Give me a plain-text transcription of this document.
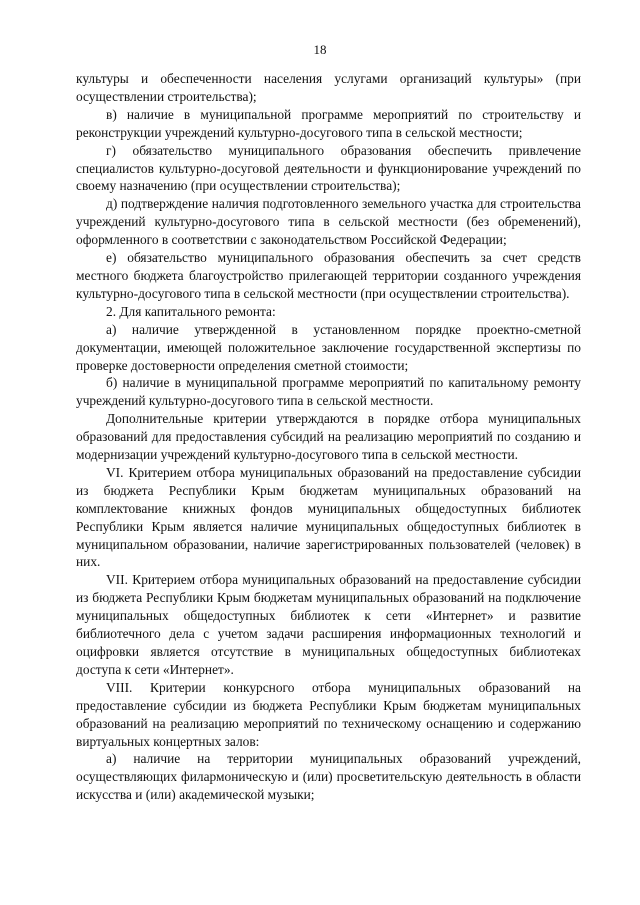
18

культуры и обеспеченности населения услугами организаций культуры» (при осуществлении строительства);

в) наличие в муниципальной программе мероприятий по строительству и реконструкции учреждений культурно-досугового типа в сельской местности;

г) обязательство муниципального образования обеспечить привлечение специалистов культурно-досуговой деятельности и функционирование учреждений по своему назначению (при осуществлении строительства);

д) подтверждение наличия подготовленного земельного участка для строительства учреждений культурно-досугового типа в сельской местности (без обременений), оформленного в соответствии с законодательством Российской Федерации;

е) обязательство муниципального образования обеспечить за счет средств местного бюджета благоустройство прилегающей территории созданного учреждения культурно-досугового типа в сельской местности (при осуществлении строительства).

2. Для капитального ремонта:

а) наличие утвержденной в установленном порядке проектно-сметной документации, имеющей положительное заключение государственной экспертизы по проверке достоверности определения сметной стоимости;

б) наличие в муниципальной программе мероприятий по капитальному ремонту учреждений культурно-досугового типа в сельской местности.

Дополнительные критерии утверждаются в порядке отбора муниципальных образований для предоставления субсидий на реализацию мероприятий по созданию и модернизации учреждений культурно-досугового типа в сельской местности.

VI. Критерием отбора муниципальных образований на предоставление субсидии из бюджета Республики Крым бюджетам муниципальных образований на комплектование книжных фондов муниципальных общедоступных библиотек Республики Крым является наличие муниципальных общедоступных библиотек в муниципальном образовании, наличие зарегистрированных пользователей (человек) в них.

VII. Критерием отбора муниципальных образований на предоставление субсидии из бюджета Республики Крым бюджетам муниципальных образований на подключение муниципальных общедоступных библиотек к сети «Интернет» и развитие библиотечного дела с учетом задачи расширения информационных технологий и оцифровки является отсутствие в муниципальных общедоступных библиотеках доступа к сети «Интернет».

VIII. Критерии конкурсного отбора муниципальных образований на предоставление субсидии из бюджета Республики Крым бюджетам муниципальных образований на реализацию мероприятий по техническому оснащению и содержанию виртуальных концертных залов:

а) наличие на территории муниципальных образований учреждений, осуществляющих филармоническую и (или) просветительскую деятельность в области искусства и (или) академической музыки;
